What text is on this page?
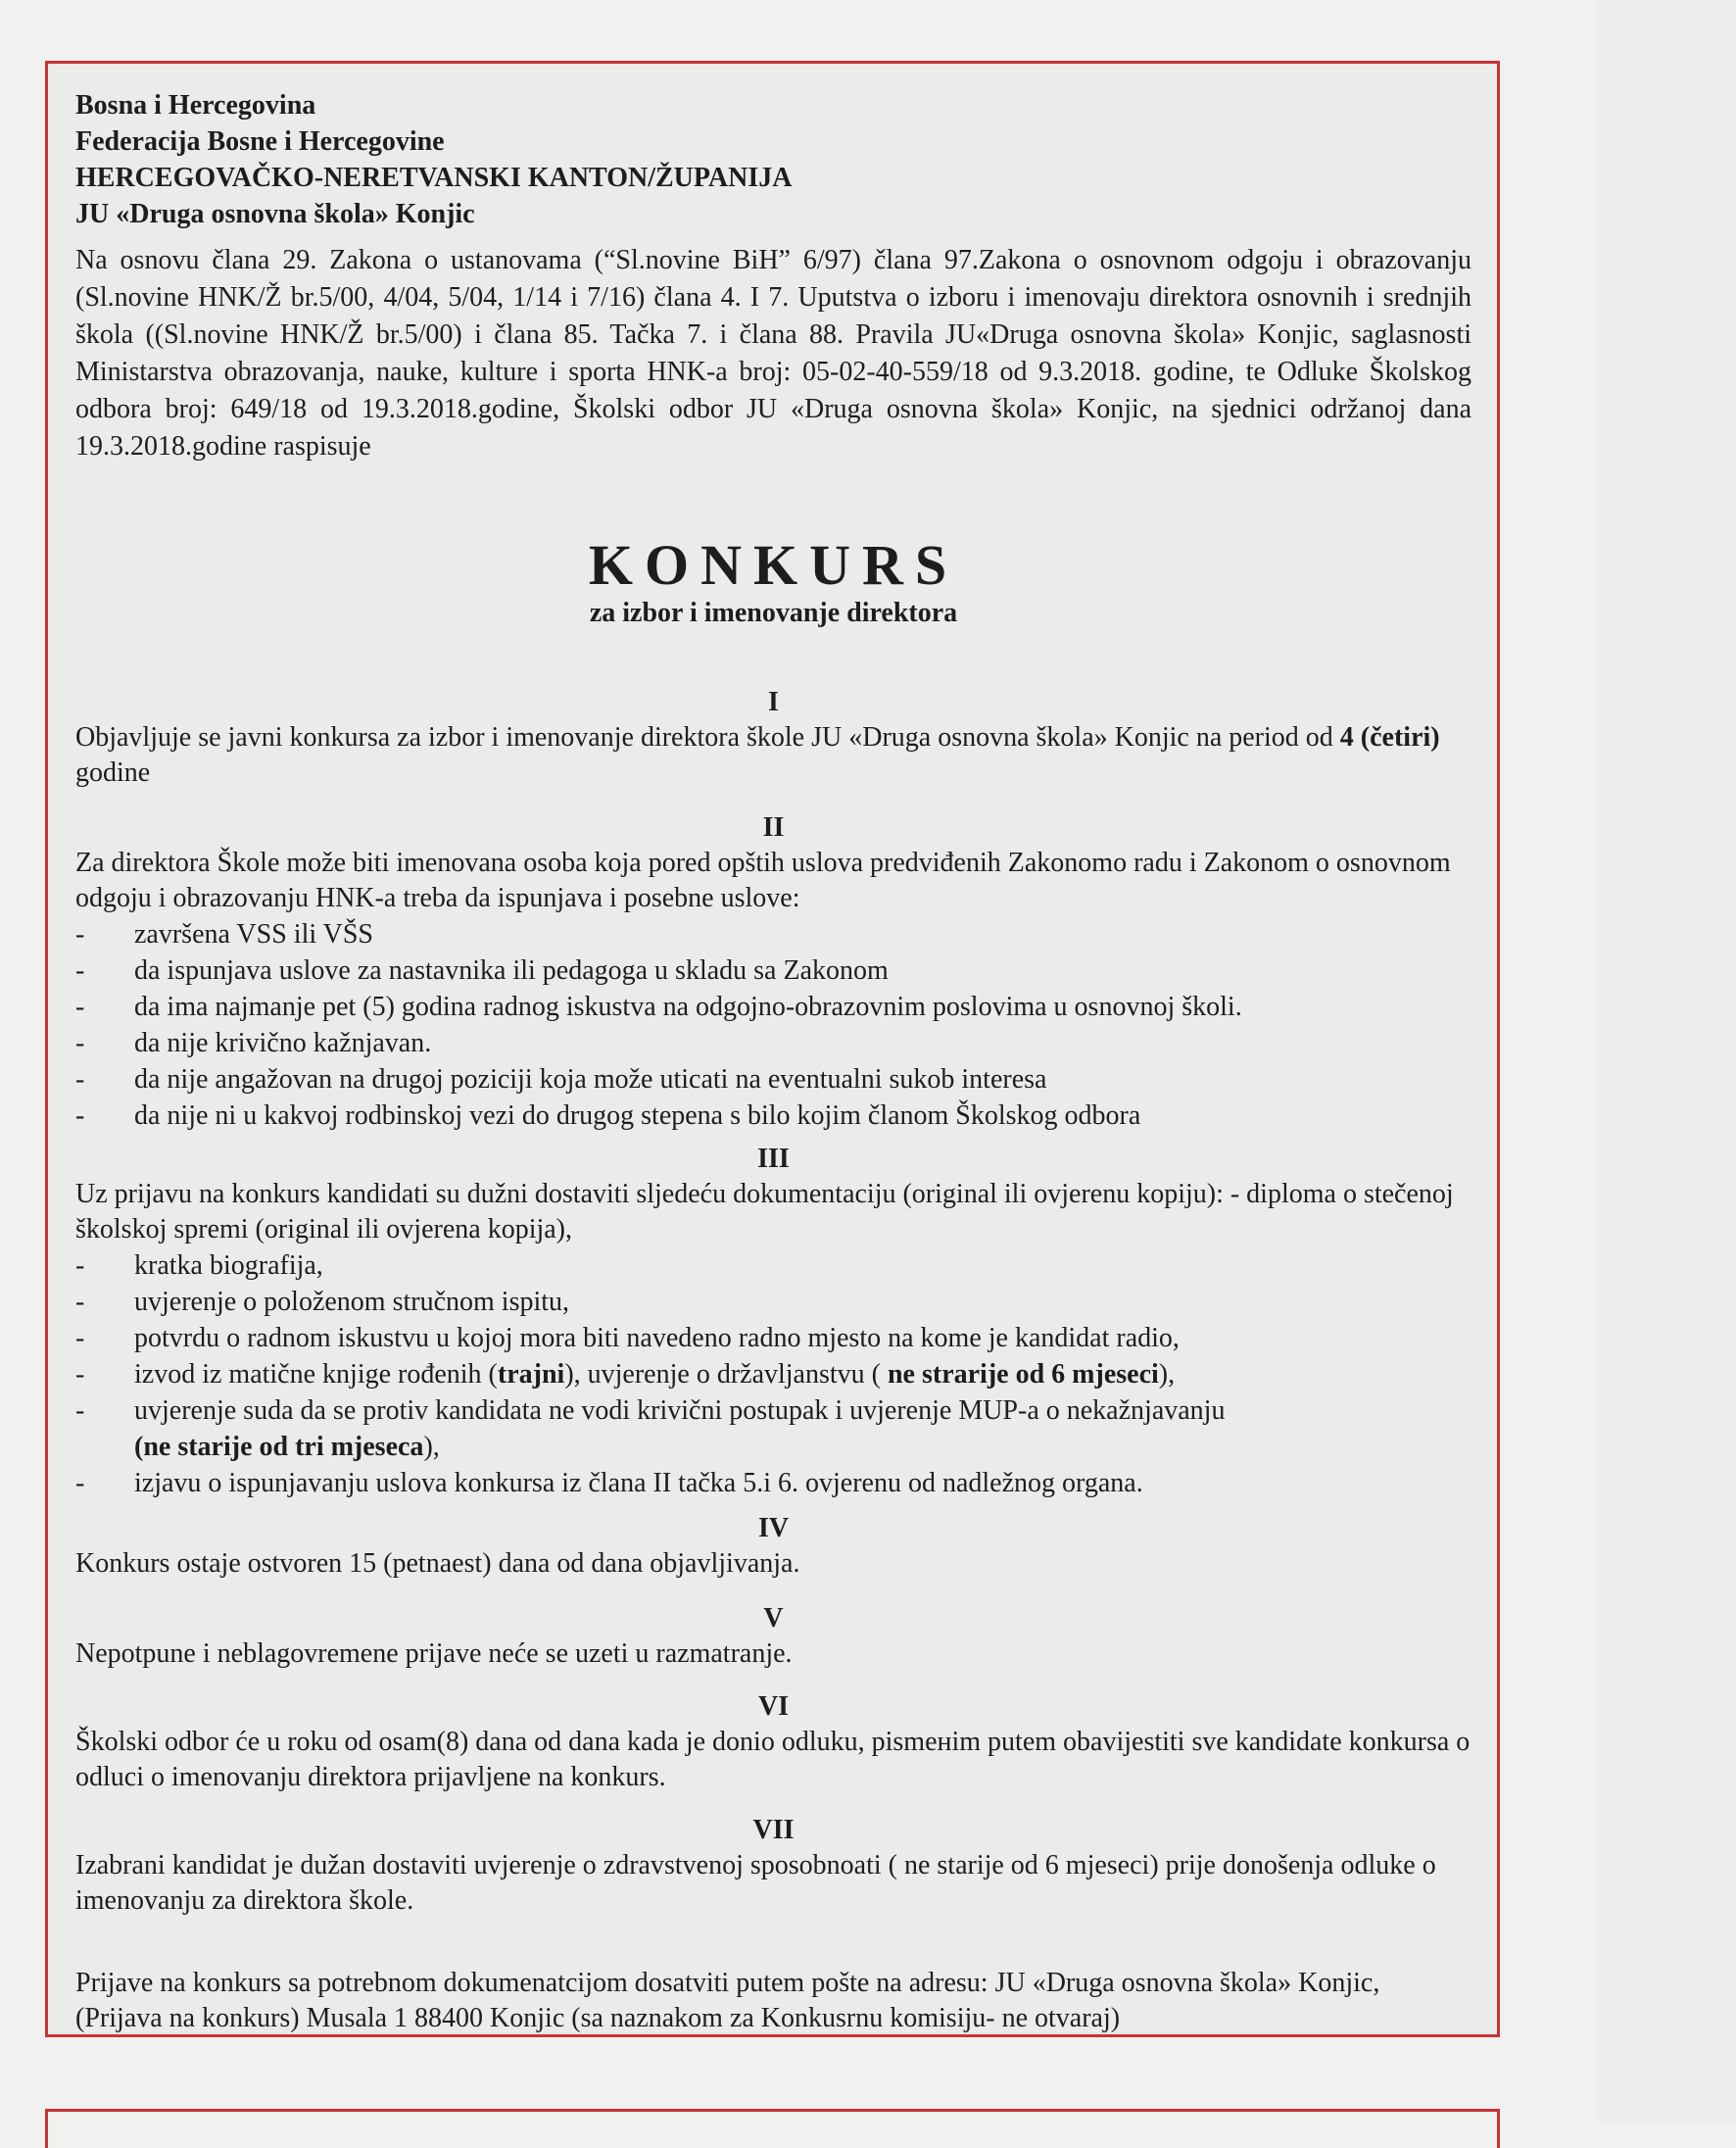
Bosna i Hercegovina

Federacija Bosne i Hercegovine

HERCEGOVAČKO-NERETVANSKI KANTON/ŽUPANIJA

JU «Druga osnovna škola» Konjic

Na osnovu člana 29. Zakona o ustanovama (“Sl.novine BiH” 6/97) člana 97.Zakona o osnovnom odgoju i obrazovanju (Sl.novine HNK/Ž br.5/00, 4/04, 5/04, 1/14 i 7/16) člana 4. I 7. Uputstva o izboru i imenovaju direktora osnovnih i srednjih škola ((Sl.novine HNK/Ž br.5/00) i člana 85. Tačka 7. i člana 88. Pravila JU«Druga osnovna škola» Konjic, saglasnosti Ministarstva obrazovanja, nauke, kulture i sporta HNK-a broj: 05-02-40-559/18 od 9.3.2018. godine, te Odluke Školskog odbora broj: 649/18 od 19.3.2018.godine, Školski odbor JU «Druga osnovna škola» Konjic, na sjednici održanoj dana 19.3.2018.godine raspisuje

KONKURS
za izbor i imenovanje direktora
I

Objavljuje se javni konkursa za izbor i imenovanje direktora škole JU «Druga osnovna škola» Konjic na period od 4 (četiri) godine

II

Za direktora Škole može biti imenovana osoba koja pored opštih uslova predviđenih Zakonomo radu i Zakonom o osnovnom odgoju i obrazovanju HNK-a treba da ispunjava i posebne uslove:

- završena VSS ili VŠS
- da ispunjava uslove za nastavnika ili pedagoga u skladu sa Zakonom
- da ima najmanje pet (5) godina radnog iskustva na odgojno-obrazovnim poslovima u osnovnoj školi.
- da nije krivično kažnjavan.
- da nije angažovan na drugoj poziciji koja može uticati na eventualni sukob interesa
- da nije ni u kakvoj rodbinskoj vezi do drugog stepena s bilo kojim članom Školskog odbora
III

Uz prijavu na konkurs kandidati su dužni dostaviti sljedeću dokumentaciju (original ili ovjerenu kopiju): - diploma o stečenoj školskoj spremi (original ili ovjerena kopija),

- kratka biografija,
- uvjerenje o položenom stručnom ispitu,
- potvrdu o radnom iskustvu u kojoj mora biti navedeno radno mjesto na kome je kandidat radio,
- izvod iz matične knjige rođenih (trajni), uvjerenje o državljanstvu ( ne strarije od 6 mjeseci),
- uvjerenje suda da se protiv kandidata ne vodi krivični postupak i uvjerenje MUP-a o nekažnjavanju
(ne starije od tri mjeseca),
- izjavu o ispunjavanju uslova konkursa iz člana II tačka 5.i 6. ovjerenu od nadležnog organa.
IV

Konkurs ostaje ostvoren 15 (petnaest) dana od dana objavljivanja.

V

Nepotpune i neblagovremene prijave neće se uzeti u razmatranje.

VI

Školski odbor će u roku od osam(8) dana od dana kada je donio odluku, pismeнim putem obavijestiti sve kandidate konkursa o odluci o imenovanju direktora prijavljene na konkurs.

VII

Izabrani kandidat je dužan dostaviti uvjerenje o zdravstvenoj sposobnoati ( ne starije od 6 mjeseci) prije donošenja odluke o imenovanju za direktora škole.

Prijave na konkurs sa potrebnom dokumenatcijom dosatviti putem pošte na adresu: JU «Druga osnovna škola» Konjic, (Prijava na konkurs) Musala 1 88400 Konjic (sa naznakom za Konkusrnu komisiju- ne otvaraj)
